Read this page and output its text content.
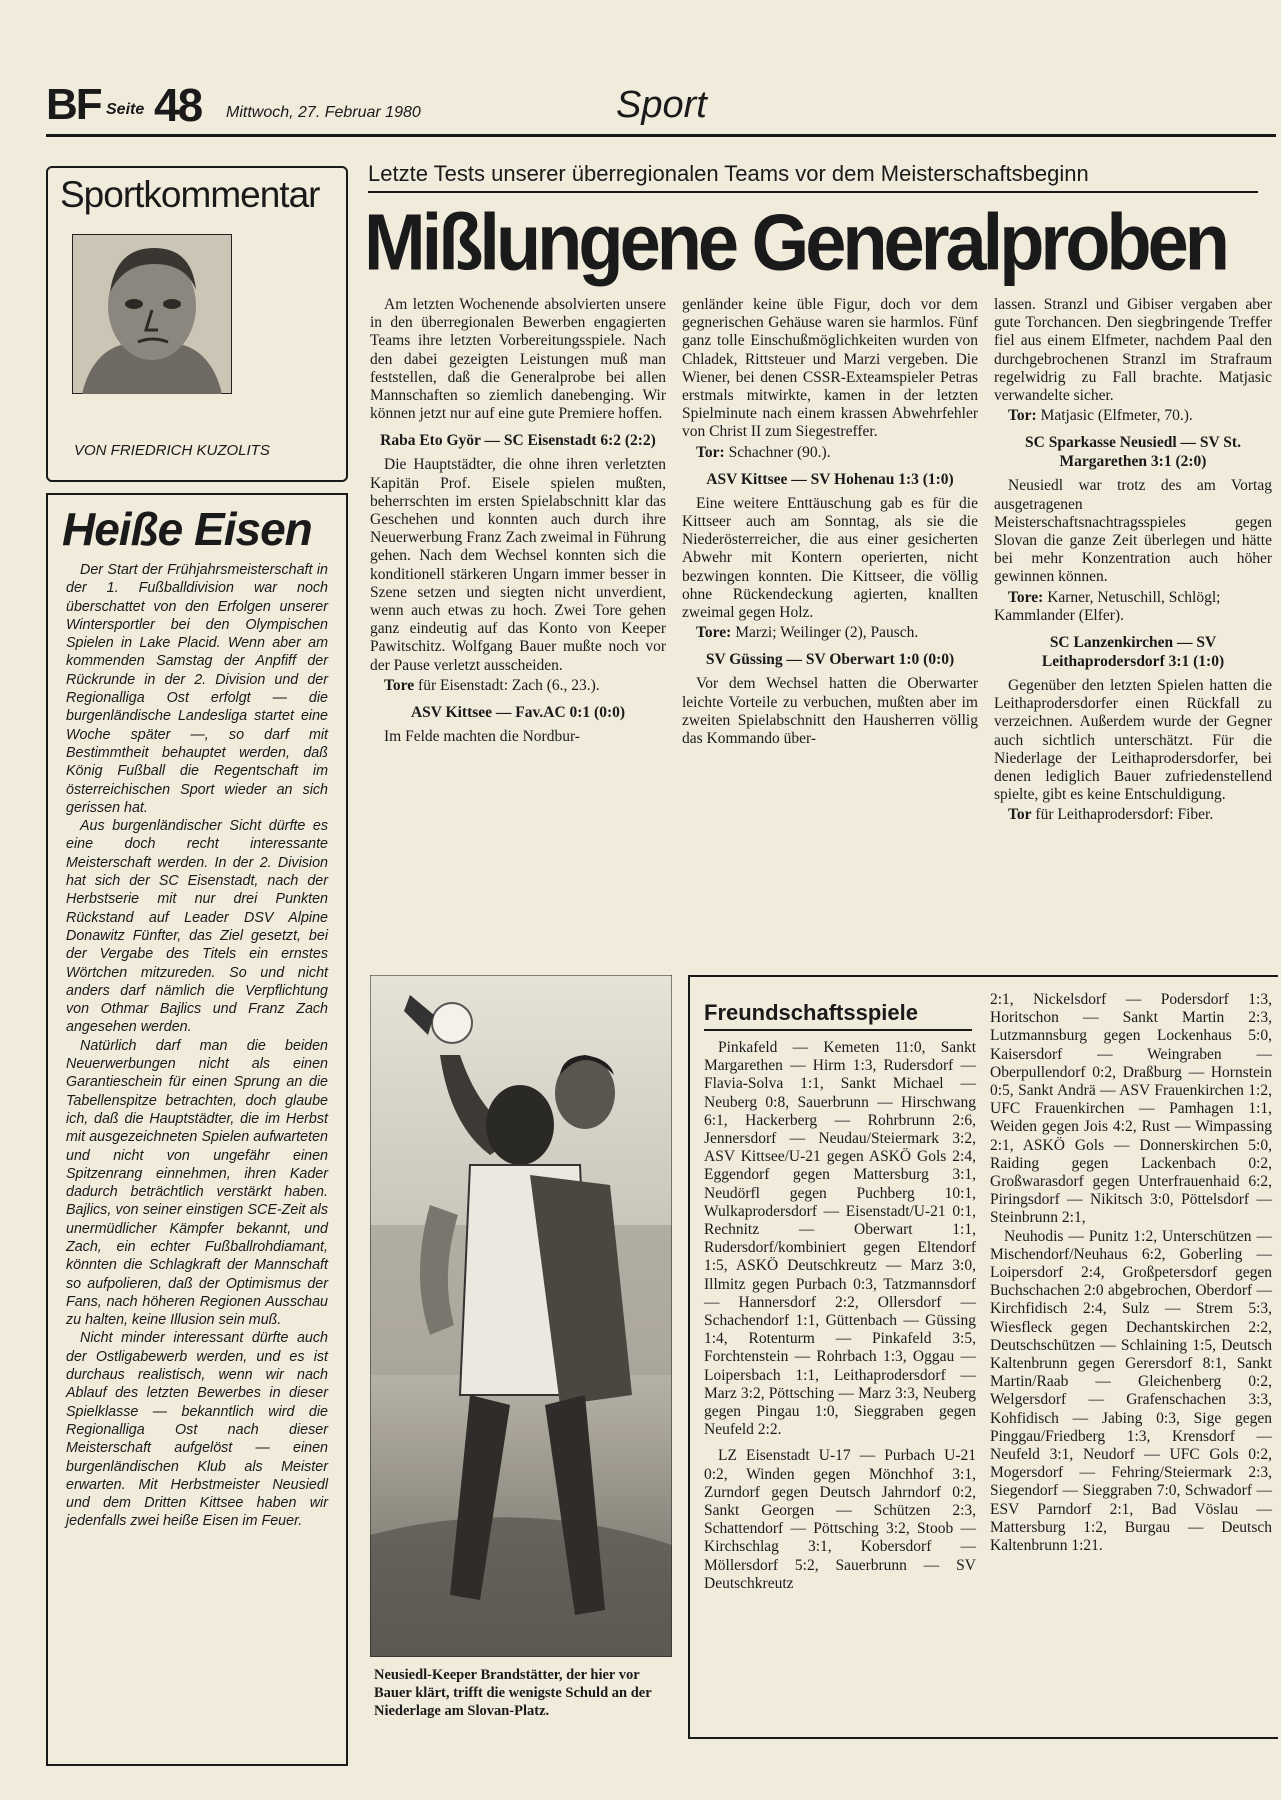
BF Seite 48 Mittwoch, 27. Februar 1980	Sport
Sportkommentar
VON FRIEDRICH KUZOLITS
Heiße Eisen

Der Start der Frühjahrsmeisterschaft in der 1. Fußballdivision war noch überschattet von den Erfolgen unserer Wintersportler bei den Olympischen Spielen in Lake Placid. Wenn aber am kommenden Samstag der Anpfiff der Rückrunde in der 2. Division und der Regionalliga Ost erfolgt — die burgenländische Landesliga startet eine Woche später —, so darf mit Bestimmtheit behauptet werden, daß König Fußball die Regentschaft im österreichischen Sport wieder an sich gerissen hat.

Aus burgenländischer Sicht dürfte es eine doch recht interessante Meisterschaft werden. In der 2. Division hat sich der SC Eisenstadt, nach der Herbstserie mit nur drei Punkten Rückstand auf Leader DSV Alpine Donawitz Fünfter, das Ziel gesetzt, bei der Vergabe des Titels ein ernstes Wörtchen mitzureden. So und nicht anders darf nämlich die Verpflichtung von Othmar Bajlics und Franz Zach angesehen werden.

Natürlich darf man die beiden Neuerwerbungen nicht als einen Garantieschein für einen Sprung an die Tabellenspitze betrachten, doch glaube ich, daß die Hauptstädter, die im Herbst mit ausgezeichneten Spielen aufwarteten und nicht von ungefähr einen Spitzenrang einnehmen, ihren Kader dadurch beträchtlich verstärkt haben. Bajlics, von seiner einstigen SCE-Zeit als unermüdlicher Kämpfer bekannt, und Zach, ein echter Fußballrohdiamant, könnten die Schlagkraft der Mannschaft so aufpolieren, daß der Optimismus der Fans, nach höheren Regionen Ausschau zu halten, keine Illusion sein muß.

Nicht minder interessant dürfte auch der Ostligabewerb werden, und es ist durchaus realistisch, wenn wir nach Ablauf des letzten Bewerbes in dieser Spielklasse — bekanntlich wird die Regionalliga Ost nach dieser Meisterschaft aufgelöst — einen burgenländischen Klub als Meister erwarten. Mit Herbstmeister Neusiedl und dem Dritten Kittsee haben wir jedenfalls zwei heiße Eisen im Feuer.

Letzte Tests unserer überregionalen Teams vor dem Meisterschaftsbeginn
Mißlungene Generalproben

Am letzten Wochenende absolvierten unsere in den überregionalen Bewerben engagierten Teams ihre letzten Vorbereitungsspiele. Nach den dabei gezeigten Leistungen muß man feststellen, daß die Generalprobe bei allen Mannschaften so ziemlich danebenging. Wir können jetzt nur auf eine gute Premiere hoffen.

Raba Eto Györ — SC Eisenstadt 6:2 (2:2)

Die Hauptstädter, die ohne ihren verletzten Kapitän Prof. Eisele spielen mußten, beherrschten im ersten Spielabschnitt klar das Geschehen und konnten auch durch ihre Neuerwerbung Franz Zach zweimal in Führung gehen. Nach dem Wechsel konnten sich die konditionell stärkeren Ungarn immer besser in Szene setzen und siegten nicht unverdient, wenn auch etwas zu hoch. Zwei Tore gehen ganz eindeutig auf das Konto von Keeper Pawitschitz. Wolfgang Bauer mußte noch vor der Pause verletzt ausscheiden.

Tore für Eisenstadt: Zach (6., 23.).

ASV Kittsee — Fav.AC 0:1 (0:0)

Im Felde machten die Nordbur-

genländer keine üble Figur, doch vor dem gegnerischen Gehäuse waren sie harmlos. Fünf ganz tolle Einschußmöglichkeiten wurden von Chladek, Rittsteuer und Marzi vergeben. Die Wiener, bei denen CSSR-Exteamspieler Petras erstmals mitwirkte, kamen in der letzten Spielminute nach einem krassen Abwehrfehler von Christ II zum Siegestreffer.

Tor: Schachner (90.).

ASV Kittsee — SV Hohenau 1:3 (1:0)

Eine weitere Enttäuschung gab es für die Kittseer auch am Sonntag, als sie die Niederösterreicher, die aus einer gesicherten Abwehr mit Kontern operierten, nicht bezwingen konnten. Die Kittseer, die völlig ohne Rückendeckung agierten, knallten zweimal gegen Holz.

Tore: Marzi; Weilinger (2), Pausch.

SV Güssing — SV Oberwart 1:0 (0:0)

Vor dem Wechsel hatten die Oberwarter leichte Vorteile zu verbuchen, mußten aber im zweiten Spielabschnitt den Hausherren völlig das Kommando über-

lassen. Stranzl und Gibiser vergaben aber gute Torchancen. Den siegbringende Treffer fiel aus einem Elfmeter, nachdem Paal den durchgebrochenen Stranzl im Strafraum regelwidrig zu Fall brachte. Matjasic verwandelte sicher.

Tor: Matjasic (Elfmeter, 70.).

SC Sparkasse Neusiedl — SV St. Margarethen 3:1 (2:0)

Neusiedl war trotz des am Vortag ausgetragenen Meisterschaftsnachtragsspieles gegen Slovan die ganze Zeit überlegen und hätte bei mehr Konzentration auch höher gewinnen können.

Tore: Karner, Netuschill, Schlögl; Kammlander (Elfer).

SC Lanzenkirchen — SV Leithaprodersdorf 3:1 (1:0)

Gegenüber den letzten Spielen hatten die Leithaprodersdorfer einen Rückfall zu verzeichnen. Außerdem wurde der Gegner auch sichtlich unterschätzt. Für die Niederlage der Leithaprodersdorfer, bei denen lediglich Bauer zufriedenstellend spielte, gibt es keine Entschuldigung.

Tor für Leithaprodersdorf: Fiber.

Neusiedl-Keeper Brandstätter, der hier vor Bauer klärt, trifft die wenigste Schuld an der Niederlage am Slovan-Platz.
Freundschaftsspiele

Pinkafeld — Kemeten 11:0, Sankt Margarethen — Hirm 1:3, Rudersdorf — Flavia-Solva 1:1, Sankt Michael — Neuberg 0:8, Sauerbrunn — Hirschwang 6:1, Hackerberg — Rohrbrunn 2:6, Jennersdorf — Neudau/Steiermark 3:2, ASV Kittsee/U-21 gegen ASKÖ Gols 2:4, Eggendorf gegen Mattersburg 3:1, Neudörfl gegen Puchberg 10:1, Wulkaprodersdorf — Eisenstadt/U-21 0:1, Rechnitz — Oberwart 1:1, Rudersdorf/kombiniert gegen Eltendorf 1:5, ASKÖ Deutschkreutz — Marz 3:0, Illmitz gegen Purbach 0:3, Tatzmannsdorf — Hannersdorf 2:2, Ollersdorf — Schachendorf 1:1, Güttenbach — Güssing 1:4, Rotenturm — Pinkafeld 3:5, Forchtenstein — Rohrbach 1:3, Oggau — Loipersbach 1:1, Leithaprodersdorf — Marz 3:2, Pöttsching — Marz 3:3, Neuberg gegen Pingau 1:0, Sieggraben gegen Neufeld 2:2.

LZ Eisenstadt U-17 — Purbach U-21 0:2, Winden gegen Mönchhof 3:1, Zurndorf gegen Deutsch Jahrndorf 0:2, Sankt Georgen — Schützen 2:3, Schattendorf — Pöttsching 3:2, Stoob — Kirchschlag 3:1, Kobersdorf — Möllersdorf 5:2, Sauerbrunn — SV Deutschkreutz

2:1, Nickelsdorf — Podersdorf 1:3, Horitschon — Sankt Martin 2:3, Lutzmannsburg gegen Lockenhaus 5:0, Kaisersdorf — Weingraben — Oberpullendorf 0:2, Draßburg — Hornstein 0:5, Sankt Andrä — ASV Frauenkirchen 1:2, UFC Frauenkirchen — Pamhagen 1:1, Weiden gegen Jois 4:2, Rust — Wimpassing 2:1, ASKÖ Gols — Donnerskirchen 5:0, Raiding gegen Lackenbach 0:2, Großwarasdorf gegen Unterfrauenhaid 6:2, Piringsdorf — Nikitsch 3:0, Pöttelsdorf — Steinbrunn 2:1,

Neuhodis — Punitz 1:2, Unterschützen — Mischendorf/Neuhaus 6:2, Goberling — Loipersdorf 2:4, Großpetersdorf gegen Buchschachen 2:0 abgebrochen, Oberdorf — Kirchfidisch 2:4, Sulz — Strem 5:3, Wiesfleck gegen Dechantskirchen 2:2, Deutschschützen — Schlaining 1:5, Deutsch Kaltenbrunn gegen Gerersdorf 8:1, Sankt Martin/Raab — Gleichenberg 0:2, Welgersdorf — Grafenschachen 3:3, Kohfidisch — Jabing 0:3, Sige gegen Pinggau/Friedberg 1:3, Krensdorf — Neufeld 3:1, Neudorf — UFC Gols 0:2, Mogersdorf — Fehring/Steiermark 2:3, Siegendorf — Sieggraben 7:0, Schwadorf — ESV Parndorf 2:1, Bad Vöslau — Mattersburg 1:2, Burgau — Deutsch Kaltenbrunn 1:21.
